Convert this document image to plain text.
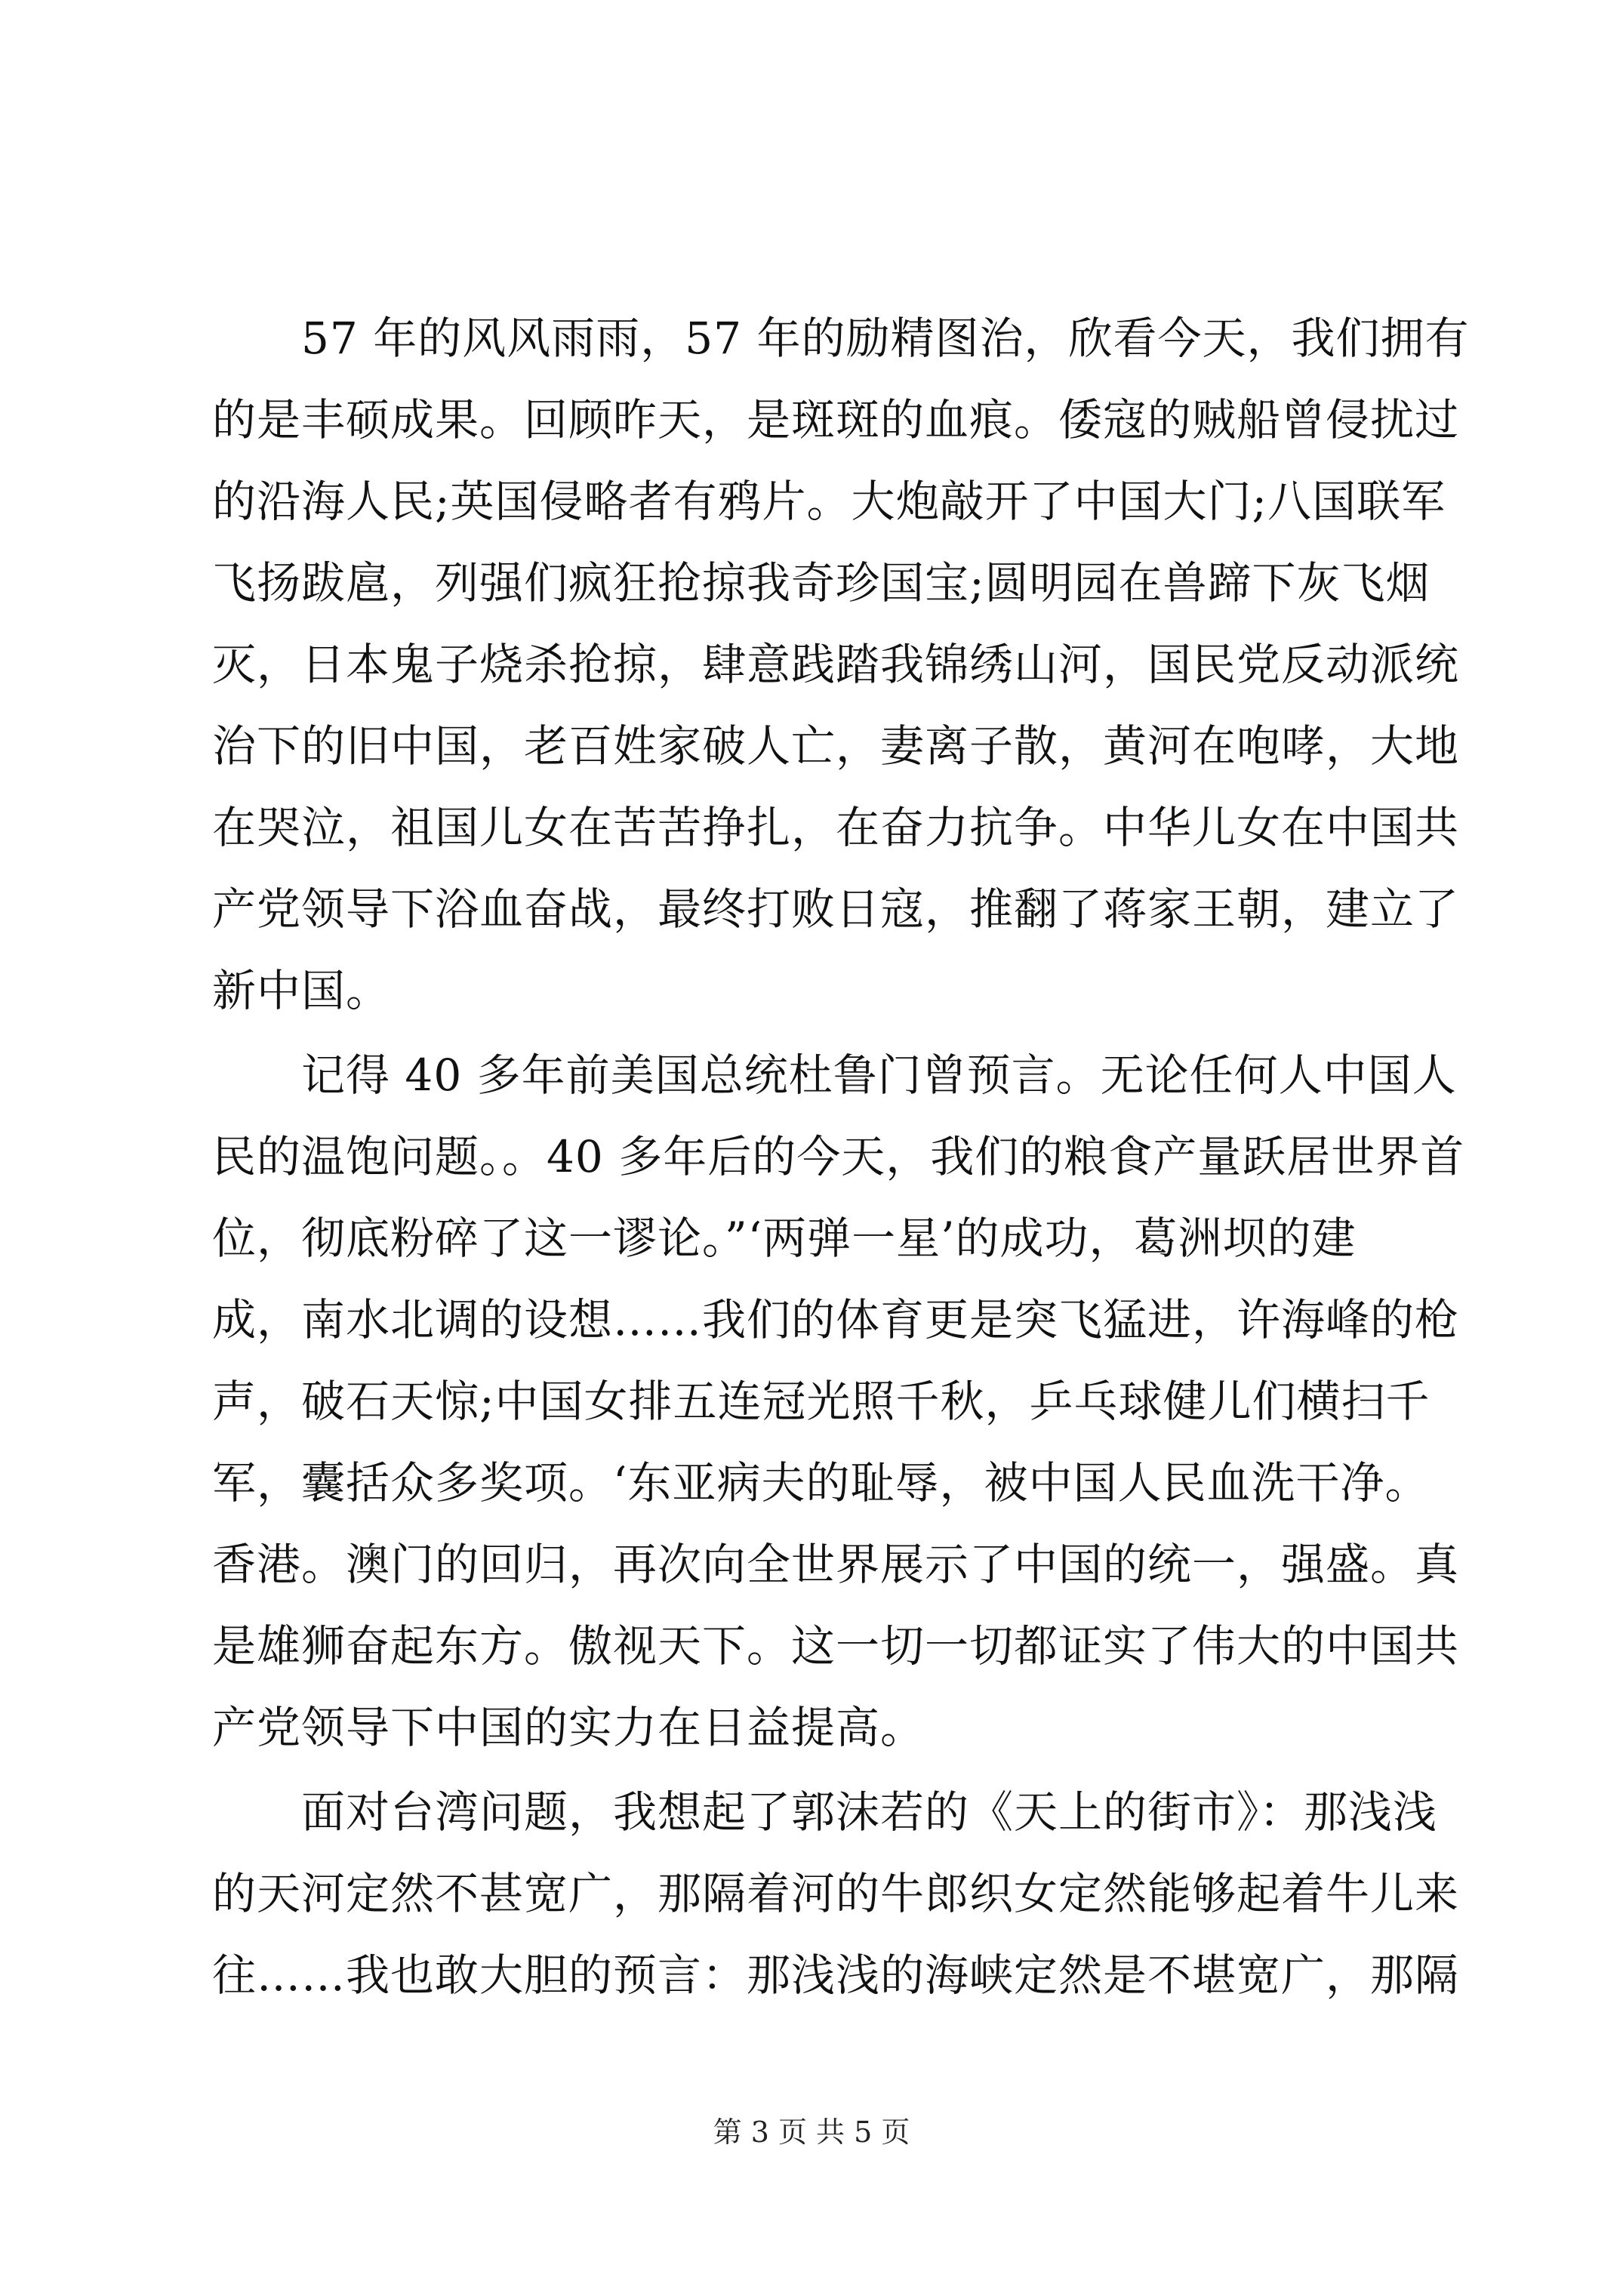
57 年的风风雨雨，57 年的励精图治，欣看今天，我们拥有
的是丰硕成果。回顾昨天，是斑斑的血痕。倭寇的贼船曾侵扰过
的沿海人民;英国侵略者有鸦片。大炮敲开了中国大门;八国联军
飞扬跋扈，列强们疯狂抢掠我奇珍国宝;圆明园在兽蹄下灰飞烟
灭，日本鬼子烧杀抢掠，肆意践踏我锦绣山河，国民党反动派统
治下的旧中国，老百姓家破人亡，妻离子散，黄河在咆哮，大地
在哭泣，祖国儿女在苦苦挣扎，在奋力抗争。中华儿女在中国共
产党领导下浴血奋战，最终打败日寇，推翻了蒋家王朝，建立了
新中国。
记得 40 多年前美国总统杜鲁门曾预言。无论任何人中国人
民的温饱问题。。40 多年后的今天，我们的粮食产量跃居世界首
位，彻底粉碎了这一谬论。”‘两弹一星’的成功，葛洲坝的建
成，南水北调的设想……我们的体育更是突飞猛进，许海峰的枪
声，破石天惊;中国女排五连冠光照千秋，乒乓球健儿们横扫千
军，囊括众多奖项。‘东亚病夫的耻辱，被中国人民血洗干净。
香港。澳门的回归，再次向全世界展示了中国的统一，强盛。真
是雄狮奋起东方。傲视天下。这一切一切都证实了伟大的中国共
产党领导下中国的实力在日益提高。
面对台湾问题，我想起了郭沫若的《天上的街市》：那浅浅
的天河定然不甚宽广，那隔着河的牛郎织女定然能够起着牛儿来
往……我也敢大胆的预言：那浅浅的海峡定然是不堪宽广，那隔
第 3 页 共 5 页
